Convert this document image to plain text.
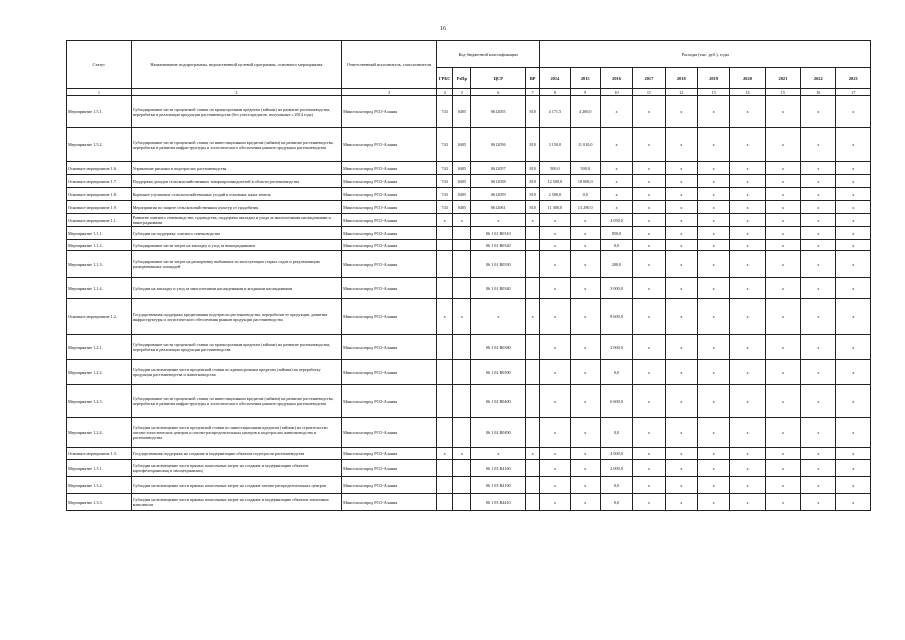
16
Статус	Наименование подпрограммы, ведомственной целевой программы, основного мероприятия	Ответственный исполнитель, соисполнители	Код бюджетной классификации				Расходы (тыс. руб.), годы									
			ГРБС	РзПр	ЦСР	ВР	2014	2015	2016	2017	2018	2019	2020	2021	2022	2023
1	2	3	4	5	6	7	8	9	10	11	12	13	14	15	16	17
Мероприятие 1.5.1.	Субсидирование части процентной ставки по краткосрочным кредитам (займам) на развитие растениеводства, переработки и реализации продукции растениеводства (без учета кредитов, полученных с 2014 года)	Минсельхозпрод РСО-Алания	743	0405	0612055	810	4 171,5	4 200,0	х	х	х	х	х	х	х	х
Мероприятие 1.5.2.	Субсидирование части процентной ставки по инвестиционным кредитам (займам) на развитие растениеводства, переработки и развития инфраструктуры и логистического обеспечения рынков продукции растениеводства	Минсельхозпрод РСО-Алания	743	0405	0612056	810	3 150,0	11 010,0	х	х	х	х	х	х	х	х
Основное мероприятие 1.6.	Управление рисками в подотраслях растениеводства	Минсельхозпрод РСО-Алания	743	0405	0612057	810	500,0	500,0	х	х	х	х	х	х	х	х
Основное мероприятие 1.7.	Поддержка доходов сельскохозяйственных товаропроизводителей в области растениеводства	Минсельхозпрод РСО-Алания	743	0405	0612058	810	12 500,0	10 000,0	х	х	х	х	х	х	х	х
Основное мероприятие 1.8.	Коренное улучшение сельскохозяйственных угодий в основных зонах земель	Минсельхозпрод РСО-Алания	743	0405	0612059	810	2 500,0	0,0	х	х	х	х	х	х	х	х
Основное мероприятие 1.9.	Мероприятия по защите сельскохозяйственных культур от градобития	Минсельхозпрод РСО-Алания	743	0405	0612061	810	11 300,0	13 290,0	х	х	х	х	х	х	х	х
Основное мероприятие 1.1.	Развитие элитного семеноводства, садоводства, поддержка закладки и ухода за многолетними насаждениями и виноградниками	Минсельхозпрод РСО-Алания	х	х	х	х	х	х	4 050,0	х	х	х	х	х	х	х
Мероприятие 1.1.1.	Субсидии на поддержку элитного семеноводства	Минсельхозпрод РСО-Алания			06 1 01 R0310		х	х	850,0	х	х	х	х	х	х	х
Мероприятие 1.1.2.	Субсидирование части затрат на закладку и уход за виноградниками	Минсельхозпрод РСО-Алания			06 1 01 R0320		х	х	0,0	х	х	х	х	х	х	х
Мероприятие 1.1.3.	Субсидирование части затрат на раскорчевку выбывших из эксплуатации старых садов и рекультивацию раскорчеванных площадей	Минсельхозпрод РСО-Алания			06 1 01 R0330		х	х	200,0	х	х	х	х	х	х	х
Мероприятие 1.1.4.	Субсидии на закладку и уход за многолетними насаждениями и ягодными насаждениями	Минсельхозпрод РСО-Алания			06 1 01 R0340		х	х	3 000,0	х	х	х	х	х	х	х
Основное мероприятие 1.2.	Государственная поддержка кредитования подотрасли растениеводства, переработки ее продукции, развития инфраструктуры и логистического обеспечения рынков продукции растениеводства	Минсельхозпрод РСО-Алания	х	х	х	х	х	х	8 600,0	х	х	х	х	х	х	х
Мероприятие 1.2.1.	Субсидирование части процентной ставки по краткосрочным кредитам (займам) на развитие растениеводства, переработки и реализации продукции растениеводства	Минсельхозпрод РСО-Алания			06 1 02 R0380		х	х	2 000,0	х	х	х	х	х	х	х
Мероприятие 1.2.2.	Субсидии на возмещение части процентной ставки по краткосрочным кредитам (займам) на переработку продукции растениеводства и животноводства	Минсельхозпрод РСО-Алания			06 1 02 R0390		х	х	0,0	х	х	х	х	х	х	х
Мероприятие 1.2.3.	Субсидирование части процентной ставки по инвестиционным кредитам (займам) на развитие растениеводства, переработки и развития инфраструктуры и логистического обеспечения рынков продукции растениеводства	Минсельхозпрод РСО-Алания			06 1 02 R0400		х	х	6 600,0	х	х	х	х	х	х	х
Мероприятие 1.2.4.	Субсидии на возмещение части процентной ставки по инвестиционным кредитам (займам) на строительство оптово-логистических центров и оптово-распределительных центров в подотраслях животноводства и растениеводства	Минсельхозпрод РСО-Алания			06 1 02 R0490		х	х	0,0	х	х	х	х	х	х	х
Основное мероприятие 1.3.	Государственная поддержка на создание и модернизацию объектов подотрасли растениеводства	Минсельхозпрод РСО-Алания	х	х	х	х	х	х	4 000,0	х	х	х	х	х	х	х
Мероприятие 1.3.1.	Субсидии на возмещение части прямых понесенных затрат на создание и модернизацию объектов картофелехранилищ и овощехранилищ	Минсельхозпрод РСО-Алания			06 1 03 R4160		х	х	2 000,0	х	х	х	х	х	х	х
Мероприятие 1.3.2.	Субсидии на возмещение части прямых понесенных затрат на создание оптово-распределительных центров	Минсельхозпрод РСО-Алания			06 1 03 R4190		х	х	0,0	х	х	х	х	х	х	х
Мероприятие 1.3.3.	Субсидии на возмещение части прямых понесенных затрат на создание и модернизацию объектов тепличных комплексов	Минсельхозпрод РСО-Алания			06 1 03 R4410		х	х	0,0	х	х	х	х	х	х	х
